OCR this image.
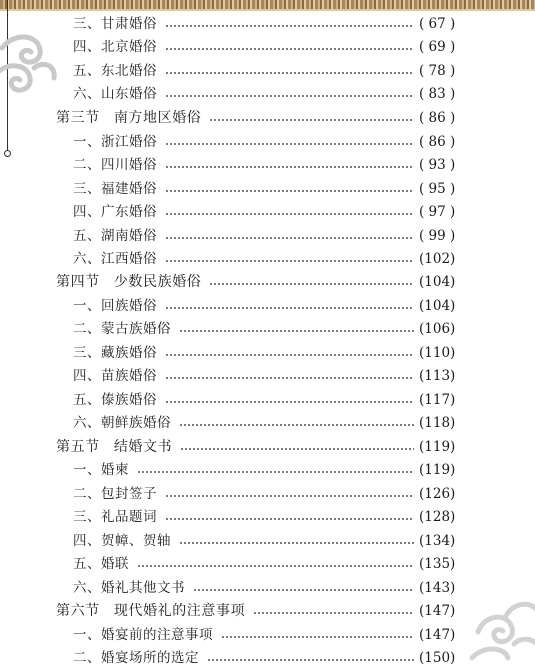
三、甘肃婚俗	( 67 )
四、北京婚俗	( 69 )
五、东北婚俗	( 78 )
六、山东婚俗	( 83 )
第三节 南方地区婚俗	( 86 )
一、浙江婚俗	( 86 )
二、四川婚俗	( 93 )
三、福建婚俗	( 95 )
四、广东婚俗	( 97 )
五、湖南婚俗	( 99 )
六、江西婚俗	(102)
第四节 少数民族婚俗	(104)
一、回族婚俗	(104)
二、蒙古族婚俗	(106)
三、藏族婚俗	(110)
四、苗族婚俗	(113)
五、傣族婚俗	(117)
六、朝鲜族婚俗	(118)
第五节 结婚文书	(119)
一、婚柬	(119)
二、包封签子	(126)
三、礼品题词	(128)
四、贺幛、贺轴	(134)
五、婚联	(135)
六、婚礼其他文书	(143)
第六节 现代婚礼的注意事项	(147)
一、婚宴前的注意事项	(147)
二、婚宴场所的选定	(150)
